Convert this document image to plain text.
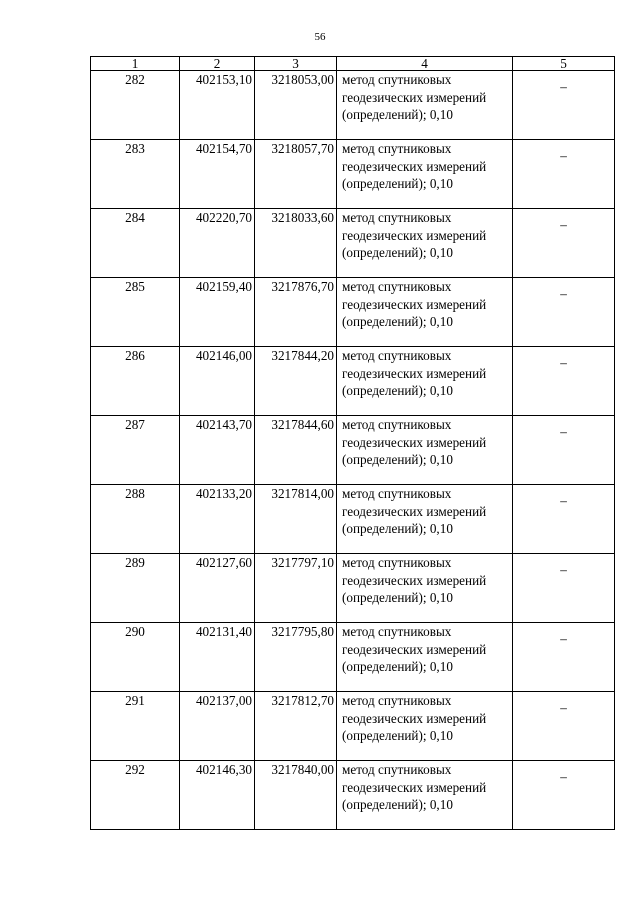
56
1	2	3	4	5
282	402153,10	3218053,00	метод спутниковых геодезических измерений (определений); 0,10	–
283	402154,70	3218057,70	метод спутниковых геодезических измерений (определений); 0,10	–
284	402220,70	3218033,60	метод спутниковых геодезических измерений (определений); 0,10	–
285	402159,40	3217876,70	метод спутниковых геодезических измерений (определений); 0,10	–
286	402146,00	3217844,20	метод спутниковых геодезических измерений (определений); 0,10	–
287	402143,70	3217844,60	метод спутниковых геодезических измерений (определений); 0,10	–
288	402133,20	3217814,00	метод спутниковых геодезических измерений (определений); 0,10	–
289	402127,60	3217797,10	метод спутниковых геодезических измерений (определений); 0,10	–
290	402131,40	3217795,80	метод спутниковых геодезических измерений (определений); 0,10	–
291	402137,00	3217812,70	метод спутниковых геодезических измерений (определений); 0,10	–
292	402146,30	3217840,00	метод спутниковых геодезических измерений (определений); 0,10	–
